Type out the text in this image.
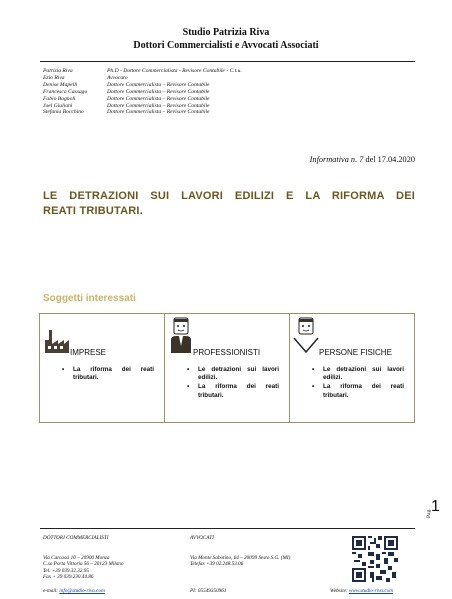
Studio Patrizia Riva
Dottori Commercialisti e Avvocati Associati
Patrizia Riva	Ph.D - Dottore Commercialista - Revisore Contabile - C.t.u.
Ezio Riva	Avvocato
Denise Mapelli	Dottore Commercialista – Revisore Contabile
Francesca Cassago	Dottore Commercialista – Revisore Contabile
Fabio Bagnoli	Dottore Commercialista – Revisore Contabile
Joel Giuliani	Dottore Commercialista – Revisore Contabile
Stefania Bocchino	Dottore Commercialista – Revisore Contabile
Informativa n. 7 del 17.04.2020
LE DETRAZIONI SUI LAVORI EDILIZI E LA RIFORMA DEI
REATI TRIBUTARI.
Soggetti interessati
IMPRESE
• La riforma dei reati tributari.
PROFESSIONISTI
• Le detrazioni sui lavori edilizi.
• La riforma dei reati tributari.
PERSONE FISICHE
• Le detrazioni sui lavori edilizi.
• La riforma dei reati tributari.
Pag. 1
DOTTORI COMMERCIALISTI	AVVOCATI
Via Carcassi 10 – 20900 Monza
C.so Porta Vittoria 56 – 20123 Milano
Tel. +39 039.32.32.95
Fax + 39 039.230.44.86
Via Monte Sabotino, 64 – 20099 Sesto S.G. (MI)
Telefax +39 02.248.53.06
e-mail: info@studio-riva.com	PI: 05549350961	Website: www.studio-riva.com
